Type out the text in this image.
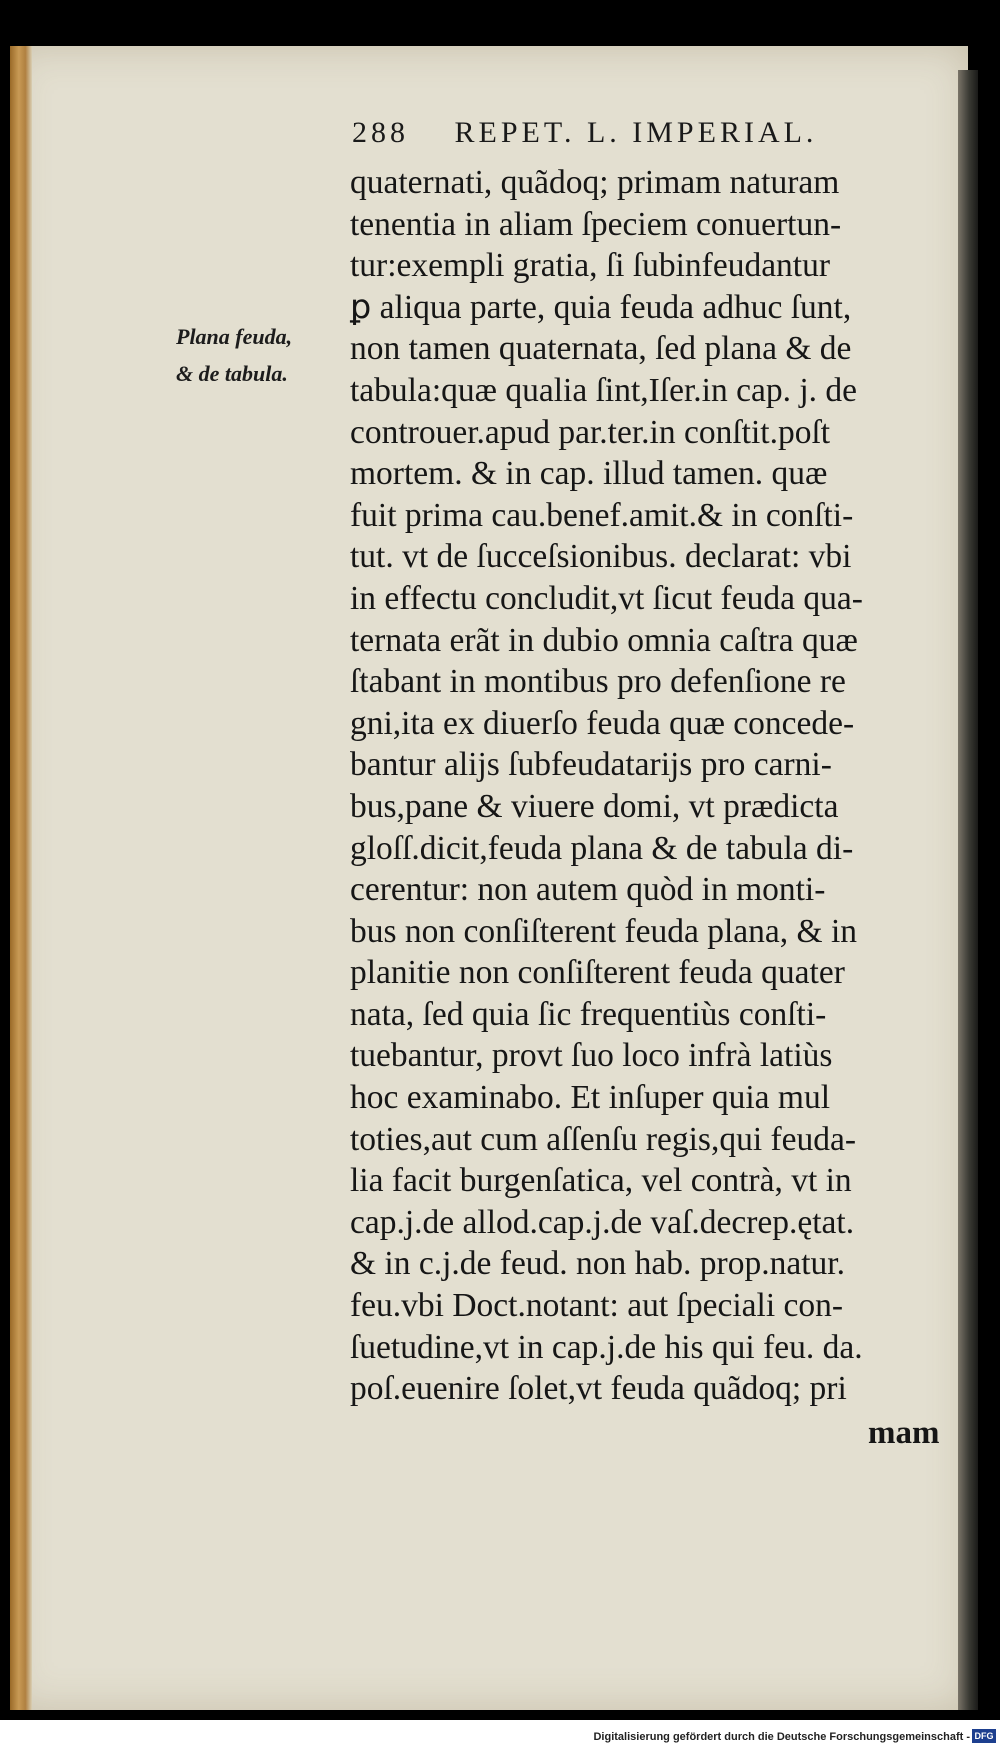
288 REPET. L. IMPERIAL.
Plana feuda,
& de tabula.
quaternati, quãdoq; primam naturam
tenentia in aliam ſpeciem conuertun-
tur:exempli gratia, ſi ſubinfeudantur
ꝑ aliqua parte, quia feuda adhuc ſunt,
non tamen quaternata, ſed plana & de
tabula:quæ qualia ſint,Iſer.in cap. j. de
controuer.apud par.ter.in conſtit.poſt
mortem. & in cap. illud tamen. quæ
fuit prima cau.benef.amit.& in conſti-
tut. vt de ſucceſsionibus. declarat: vbi
in effectu concludit,vt ſicut feuda qua-
ternata erãt in dubio omnia caſtra quæ
ſtabant in montibus pro defenſione re
gni,ita ex diuerſo feuda quæ concede-
bantur alijs ſubfeudatarijs pro carni-
bus,pane & viuere domi, vt prædicta
gloſſ.dicit,feuda plana & de tabula di-
cerentur: non autem quòd in monti-
bus non conſiſterent feuda plana, & in
planitie non conſiſterent feuda quater
nata, ſed quia ſic frequentiùs conſti-
tuebantur, provt ſuo loco infrà latiùs
hoc examinabo. Et inſuper quia mul
toties,aut cum aſſenſu regis,qui feuda-
lia facit burgenſatica, vel contrà, vt in
cap.j.de allod.cap.j.de vaſ.decrep.ętat.
& in c.j.de feud. non hab. prop.natur.
feu.vbi Doct.notant: aut ſpeciali con-
ſuetudine,vt in cap.j.de his qui feu. da.
poſ.euenire ſolet,vt feuda quãdoq; pri
mam
Digitalisierung gefördert durch die Deutsche Forschungsgemeinschaft - DFG
